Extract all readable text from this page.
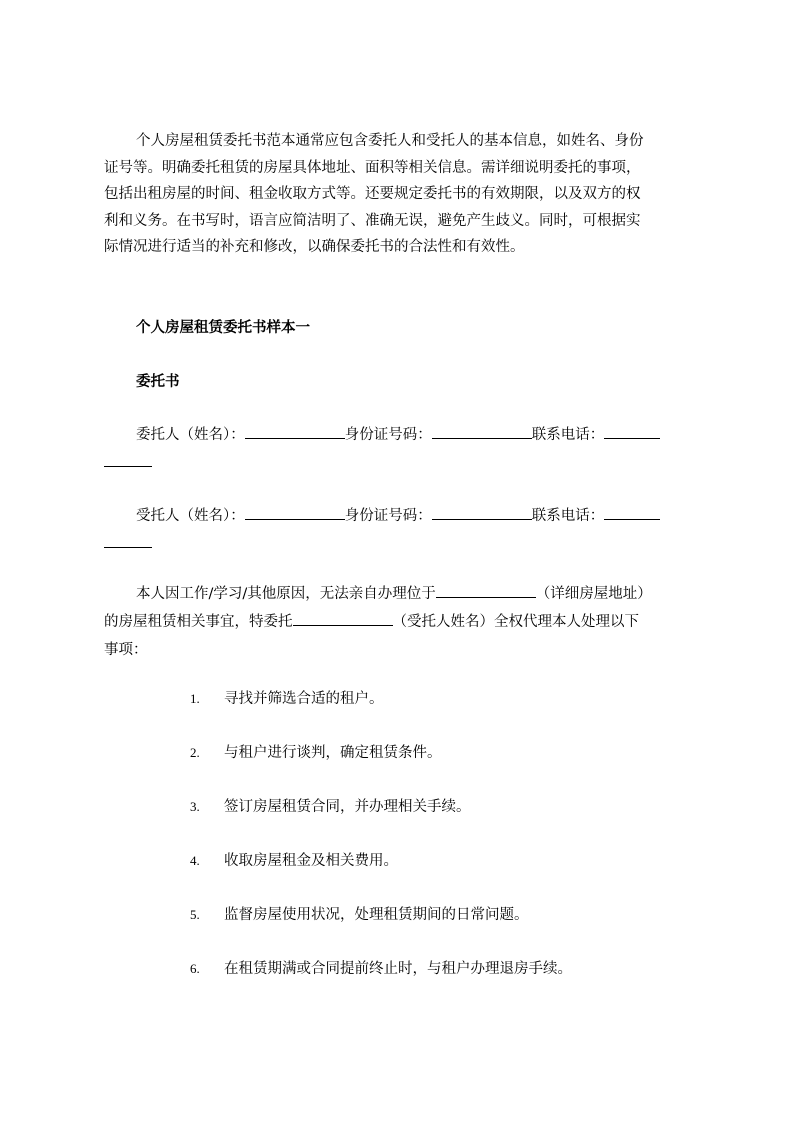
个人房屋租赁委托书范本通常应包含委托人和受托人的基本信息，如姓名、身份
证号等。明确委托租赁的房屋具体地址、面积等相关信息。需详细说明委托的事项，
包括出租房屋的时间、租金收取方式等。还要规定委托书的有效期限，以及双方的权
利和义务。在书写时，语言应简洁明了、准确无误，避免产生歧义。同时，可根据实
际情况进行适当的补充和修改，以确保委托书的合法性和有效性。
个人房屋租赁委托书样本一
委托书
委托人（姓名）：	身份证号码：	联系电话：

受托人（姓名）：	身份证号码：	联系电话：

本人因工作/学习/其他原因，无法亲自办理位于	（详细房屋地址）
的房屋租赁相关事宜，特委托	（受托人姓名）全权代理本人处理以下
事项：
1. 寻找并筛选合适的租户。
2. 与租户进行谈判，确定租赁条件。
3. 签订房屋租赁合同，并办理相关手续。
4. 收取房屋租金及相关费用。
5. 监督房屋使用状况，处理租赁期间的日常问题。
6. 在租赁期满或合同提前终止时，与租户办理退房手续。
